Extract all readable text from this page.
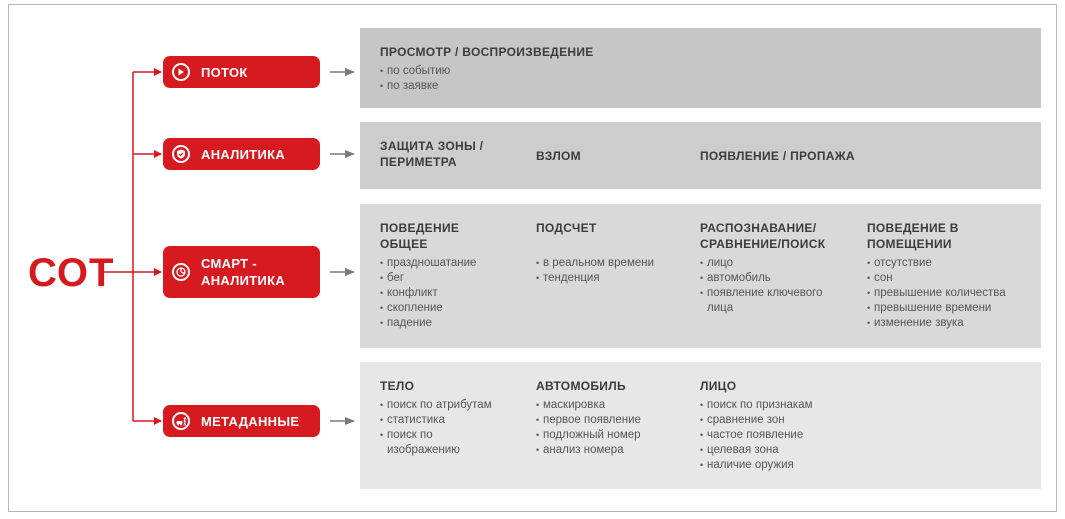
СОТ
ПОТОК
АНАЛИТИКА
СМАРТ -
АНАЛИТИКА
МЕТАДАННЫЕ
ПРОСМОТР / ВОСПРОИЗВЕДЕНИЕ
• по событию
• по заявке
ЗАЩИТА ЗОНЫ /
ПЕРИМЕТРА	ВЗЛОМ	ПОЯВЛЕНИЕ / ПРОПАЖА
ПОВЕДЕНИЕ
ОБЩЕЕ
• праздношатание
• бег
• конфликт
• скопление
• падение
ПОДСЧЕТ
• в реальном времени
• тенденция
РАСПОЗНАВАНИЕ/
СРАВНЕНИЕ/ПОИСК
• лицо
• автомобиль
• появление ключевого
лица
ПОВЕДЕНИЕ В
ПОМЕЩЕНИИ
• отсутствие
• сон
• превышение количества
• превышение времени
• изменение звука
ТЕЛО
• поиск по атрибутам
• статистика
• поиск по
изображению
АВТОМОБИЛЬ
• маскировка
• первое появление
• подложный номер
• анализ номера
ЛИЦО
• поиск по признакам
• сравнение зон
• частое появление
• целевая зона
• наличие оружия
